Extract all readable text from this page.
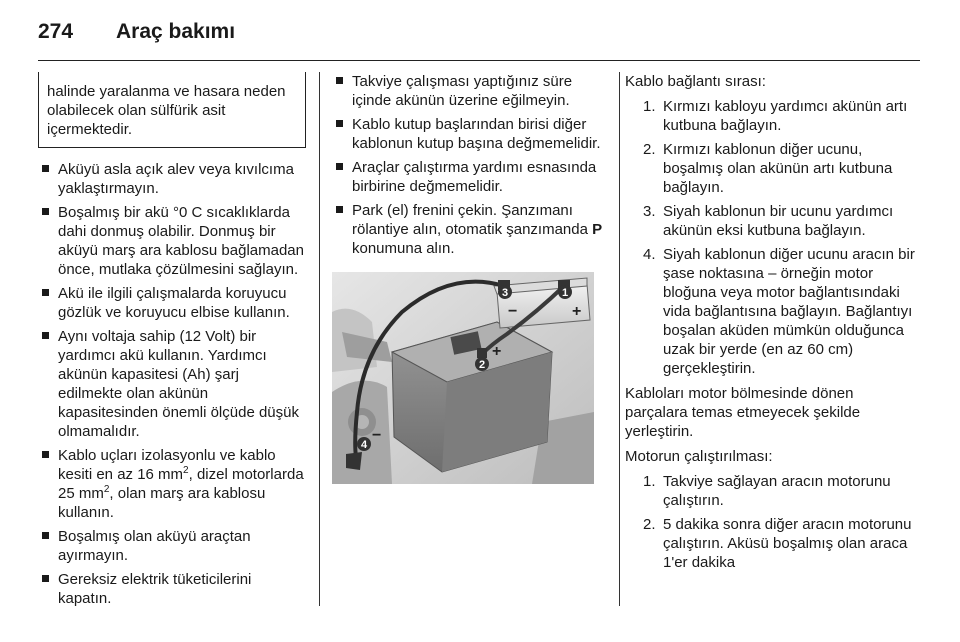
274 Araç bakımı
halinde yaralanma ve hasara neden olabilecek olan sülfürik asit içermektedir.
Aküyü asla açık alev veya kıvılcıma yaklaştırmayın.
Boşalmış bir akü °0 C sıcaklıklarda dahi donmuş olabilir. Donmuş bir aküyü marş ara kablosu bağlamadan önce, mutlaka çözülmesini sağlayın.
Akü ile ilgili çalışmalarda koruyucu gözlük ve koruyucu elbise kullanın.
Aynı voltaja sahip (12 Volt) bir yardımcı akü kullanın. Yardımcı akünün kapasitesi (Ah) şarj edilmekte olan akünün kapasitesinden önemli ölçüde düşük olmamalıdır.
Kablo uçları izolasyonlu ve kablo kesiti en az 16 $mm^2$, dizel motorlarda 25 $mm^2$, olan marş ara kablosu kullanın.
Boşalmış olan aküyü araçtan ayırmayın.
Gereksiz elektrik tüketicilerini kapatın.
Takviye çalışması yaptığınız süre içinde akünün üzerine eğilmeyin.
Kablo kutup başlarından birisi diğer kablonun kutup başına değmemelidir.
Araçlar çalıştırma yardımı esnasında birbirine değmemelidir.
Park (el) frenini çekin. Şanzımanı rölantiye alın, otomatik şanzımanda P konumuna alın.
3	1
2
4
−	+
+
−

Kablo bağlantı sırası:

1. Kırmızı kabloyu yardımcı akünün artı kutbuna bağlayın.
2. Kırmızı kablonun diğer ucunu, boşalmış olan akünün artı kutbuna bağlayın.
3. Siyah kablonun bir ucunu yardımcı akünün eksi kutbuna bağlayın.
4. Siyah kablonun diğer ucunu aracın bir şase noktasına – örneğin motor bloğuna veya motor bağlantısındaki vida bağlantısına bağlayın. Bağlantıyı boşalan aküden mümkün olduğunca uzak bir yerde (en az 60 cm) gerçekleştirin.

Kabloları motor bölmesinde dönen parçalara temas etmeyecek şekilde yerleştirin.

Motorun çalıştırılması:

1. Takviye sağlayan aracın motorunu çalıştırın.
2. 5 dakika sonra diğer aracın motorunu çalıştırın. Aküsü boşalmış olan araca 1'er dakika
